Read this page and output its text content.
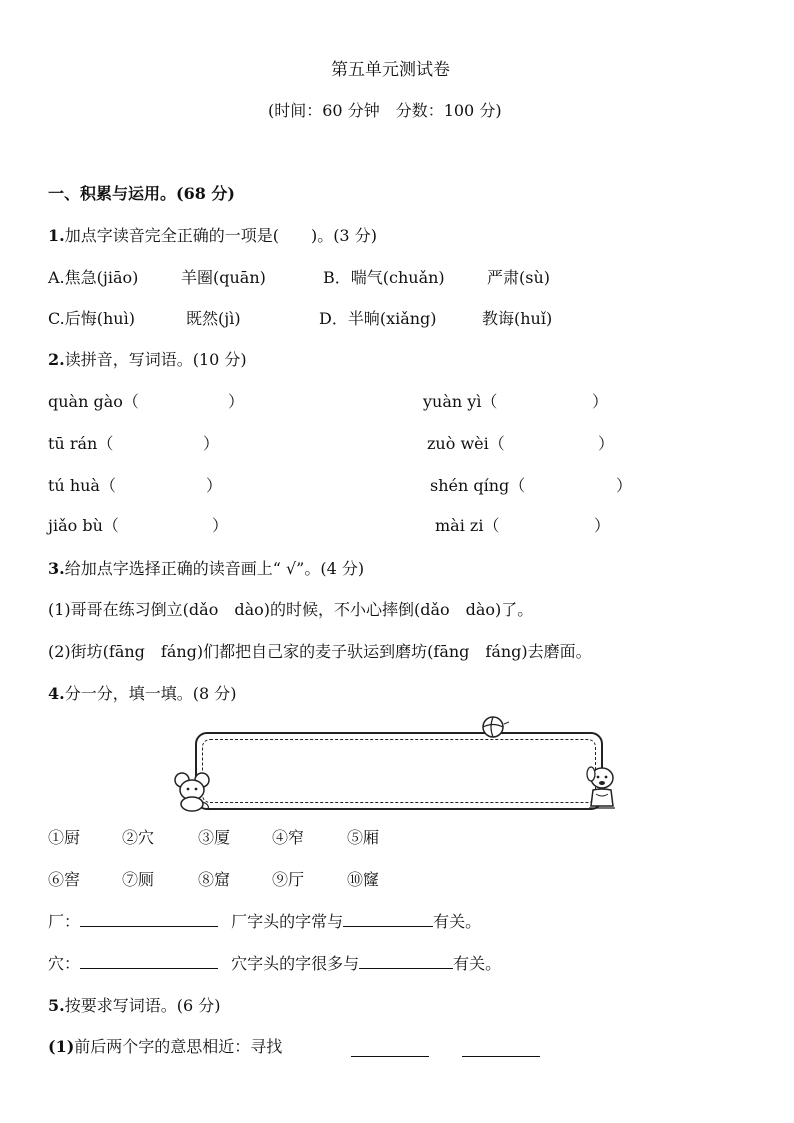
第五单元测试卷
(时间：60 分钟　分数：100 分)
一、积累与运用。(68 分)
1.加点字读音完全正确的一项是(　　)。(3 分)
A.焦急(jiāo)	羊圈(quān)	B．喘气(chuǎn)	严肃(sù)
C.后悔(huì)	既然(jì)	D．半晌(xiǎng)	教诲(huǐ)
2.读拼音，写词语。(10 分)
quàn gào（	）	yuàn yì（	）
tū rán（	）	zuò wèi（	）
tú huà（	）	shén qíng（	）
jiǎo bù（	）	mài zi（	）
3.给加点字选择正确的读音画上“ √”。(4 分)
(1)哥哥在练习倒立(dǎo　dào)的时候，不小心摔倒(dǎo　dào)了。
(2)街坊(fāng　fáng)们都把自己家的麦子驮运到磨坊(fāng　fáng)去磨面。
4.分一分，填一填。(8 分)
①厨	②穴	③厦	④窄	⑤厢
⑥窖	⑦厕	⑧窟	⑨厅	⑩窿
厂：	厂字头的字常与	有关。
穴：	穴字头的字很多与	有关。
5.按要求写词语。(6 分)
(1)前后两个字的意思相近：寻找
